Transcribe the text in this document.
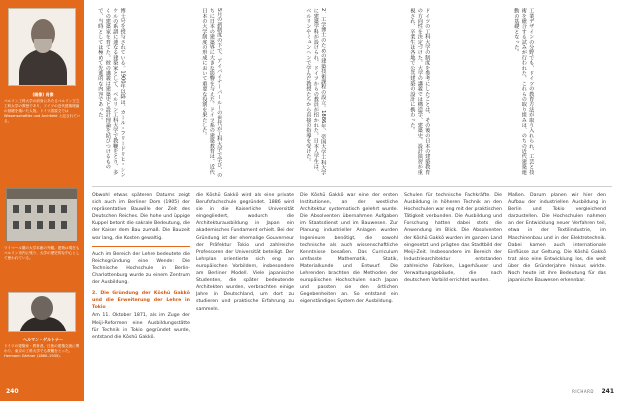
(画像) 肖像
ベルリン工科大学の前身にあたるベルリン王立工科大学の教授であり、ドイツの近代建築理論の基礎を築いた人物。ドイツ語原文では Wissenschaftler und Architekt と記されている。
ワイマール期の大学本館の外観。建物は現在もベルリン市内に残り、大学の歴史的な中心として使われている。
ヘルマン・ゲルトナー
ドイツの建築家・教育者。日独の建築交流に関わり、東京の工科大学でも教鞭をとった。Hermann Gärtner (1860–1935).
240

博士号を授与されている。1900年以降は、カール・フリードリヒ・シンケルの系譜に連なる建築家として、ベルリン工科大学で教鞭をとり、多くの建築家を育てた。彼の講義は建築史と設計理論を結びつけるもので、当時としては極めて先進的な内容であった。	5月の新制度の下で、アイバイナーバールーの世代が工科大学で学び、のちに日本の建築界に大きな影響を与えた。ドイツ系の建築教育は、近代日本の大学制度の形成において重要な役割を果たした。	2．工学博士のための建築技術課程の設立。1886年、帝国大学工科大学に建築学科が設けられ、ドイツからの教員が招かれた。日本人学生は、ベルリンやミュンヘンで学んだ教授たちから直接の指導を受けた。	ドイツの工科大学の制度を参考にしたことは、その後の日本の建築教育の方向性を決定づけた。大学の講義では構造学、建築史、設計演習が重視され、卒業生は各地で公共建築の設計に携わった。	工業デザインの分野でも、ドイツの教育方法が取り入れられ、工芸と技術を統合する試みが行われた。これらの取り組みは、のちの近代建築運動の基礎となった。

Obwohl etwas späteren Datums zeigt sich auch im Berliner Dom (1905) der repräsentative Bauwille der Zeit des Deutschen Reiches. Die hohe und üppige Kuppel betont die sakrale Bedeutung, die der Kaiser dem Bau zumaß. Die Bauzeit war lang, die Kosten gewaltig.
Auch im Bereich der Lehre bedeutete die Reichsgründung eine Wende: Die Technische Hochschule in Berlin-Charlottenburg wurde zu einem Zentrum der Ausbildung.
2. Die Gründung der Kōshū Gakkō und die Erweiterung der Lehre in Tokio
Am 11. Oktober 1871, als im Zuge der Meiji-Reformen eine Ausbildungsstätte für Technik in Tokio gegründet wurde, entstand die Kōshū Gakkō.
die Kōshū Gakkō wird als eine private Berufsfachschule gegründet. 1886 wird sie in die Kaiserliche Universität eingegliedert, wodurch die Architekturausbildung in Japan ein akademisches Fundament erhielt. Bei der Gründung ist der ehemalige Gouverneur der Präfektur Tokio und zahlreiche Professoren der Universität beteiligt. Der Lehrplan orientierte sich eng an europäischen Vorbildern, insbesondere am Berliner Modell. Viele japanische Studenten, die später bedeutende Architekten wurden, verbrachten einige Jahre in Deutschland, um dort zu studieren und praktische Erfahrung zu sammeln.
Die Kōshū Gakkō war eine der ersten Institutionen, an der westliche Architektur systematisch gelehrt wurde. Die Absolventen übernahmen Aufgaben im Staatsdienst und im Bauwesen. Zur Planung industrieller Anlagen wurden Ingenieure benötigt, die sowohl technische als auch wissenschaftliche Kenntnisse besaßen. Das Curriculum umfasste Mathematik, Statik, Materialkunde und Entwurf. Die Lehrenden brachten die Methoden der europäischen Hochschulen nach Japan und passten sie den örtlichen Gegebenheiten an. So entstand ein eigenständiges System der Ausbildung.
Schulen für technische Fachkräfte. Die Ausbildung in höheren Technik an den Hochschulen war eng mit der praktischen Tätigkeit verbunden. Die Ausbildung und Forschung hatten dabei stets die Anwendung im Blick. Die Absolventen der Kōshū Gakkō wurden im ganzen Land eingesetzt und prägten das Stadtbild der Meiji-Zeit. Insbesondere im Bereich der Industriearchitektur entstanden zahlreiche Fabriken, Lagerhäuser und Verwaltungsgebäude, die nach deutschem Vorbild errichtet wurden.
Maßen. Darum planen wir hier den Aufbau der industriellen Ausbildung in Berlin und Tokio vergleichend darzustellen. Die Hochschulen nahmen an der Entwicklung neuer Verfahren teil, etwa in der Textilindustrie, im Maschinenbau und in der Elektrotechnik. Dabei kamen auch internationale Einflüsse zur Geltung. Die Kōshū Gakkō trat also eine Entwicklung los, die weit über die Gründerjahre hinaus wirkte. Noch heute ist ihre Bedeutung für das japanische Bauwesen erkennbar.
RICHARD 241
